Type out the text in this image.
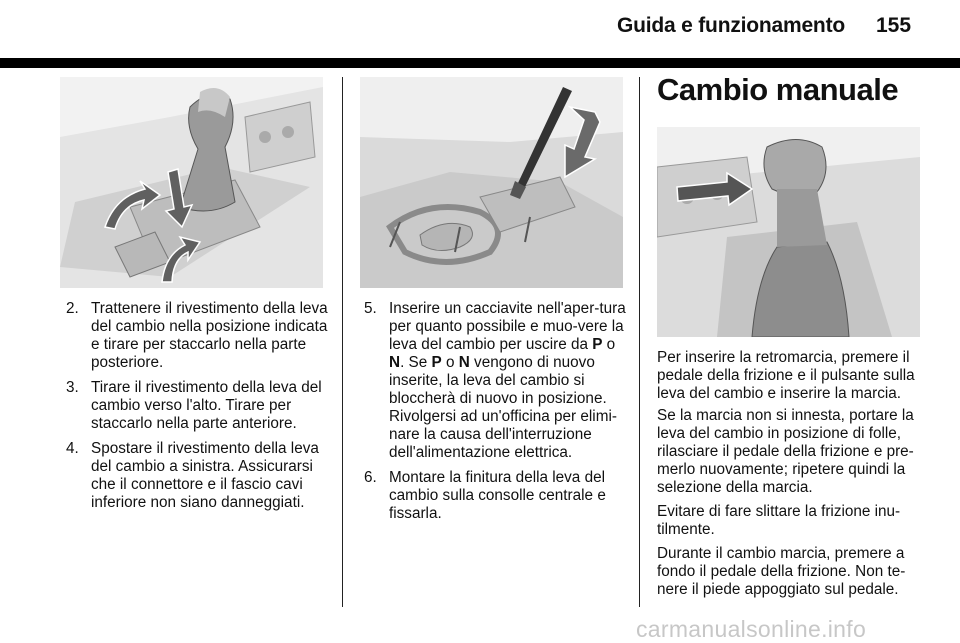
Guida e funzionamento 155
2. Trattenere il rivestimento della leva del cambio nella posizione indicata e tirare per staccarlo nella parte posteriore.
3. Tirare il rivestimento della leva del cambio verso l'alto. Tirare per staccarlo nella parte anteriore.
4. Spostare il rivestimento della leva del cambio a sinistra. Assicurarsi che il connettore e il fascio cavi inferiore non siano danneggiati.
5. Inserire un cacciavite nell'aper-tura per quanto possibile e muo-vere la leva del cambio per uscire da P o N. Se P o N vengono di nuovo inserite, la leva del cambio si bloccherà di nuovo in posizione. Rivolgersi ad un'officina per elimi-nare la causa dell'interruzione dell'alimentazione elettrica.
6. Montare la finitura della leva del cambio sulla consolle centrale e fissarla.
Cambio manuale

Per inserire la retromarcia, premere il pedale della frizione e il pulsante sulla leva del cambio e inserire la marcia.

Se la marcia non si innesta, portare la leva del cambio in posizione di folle, rilasciare il pedale della frizione e pre-merlo nuovamente; ripetere quindi la selezione della marcia.

Evitare di fare slittare la frizione inu-tilmente.

Durante il cambio marcia, premere a fondo il pedale della frizione. Non te-nere il piede appoggiato sul pedale.

carmanualsonline.info
